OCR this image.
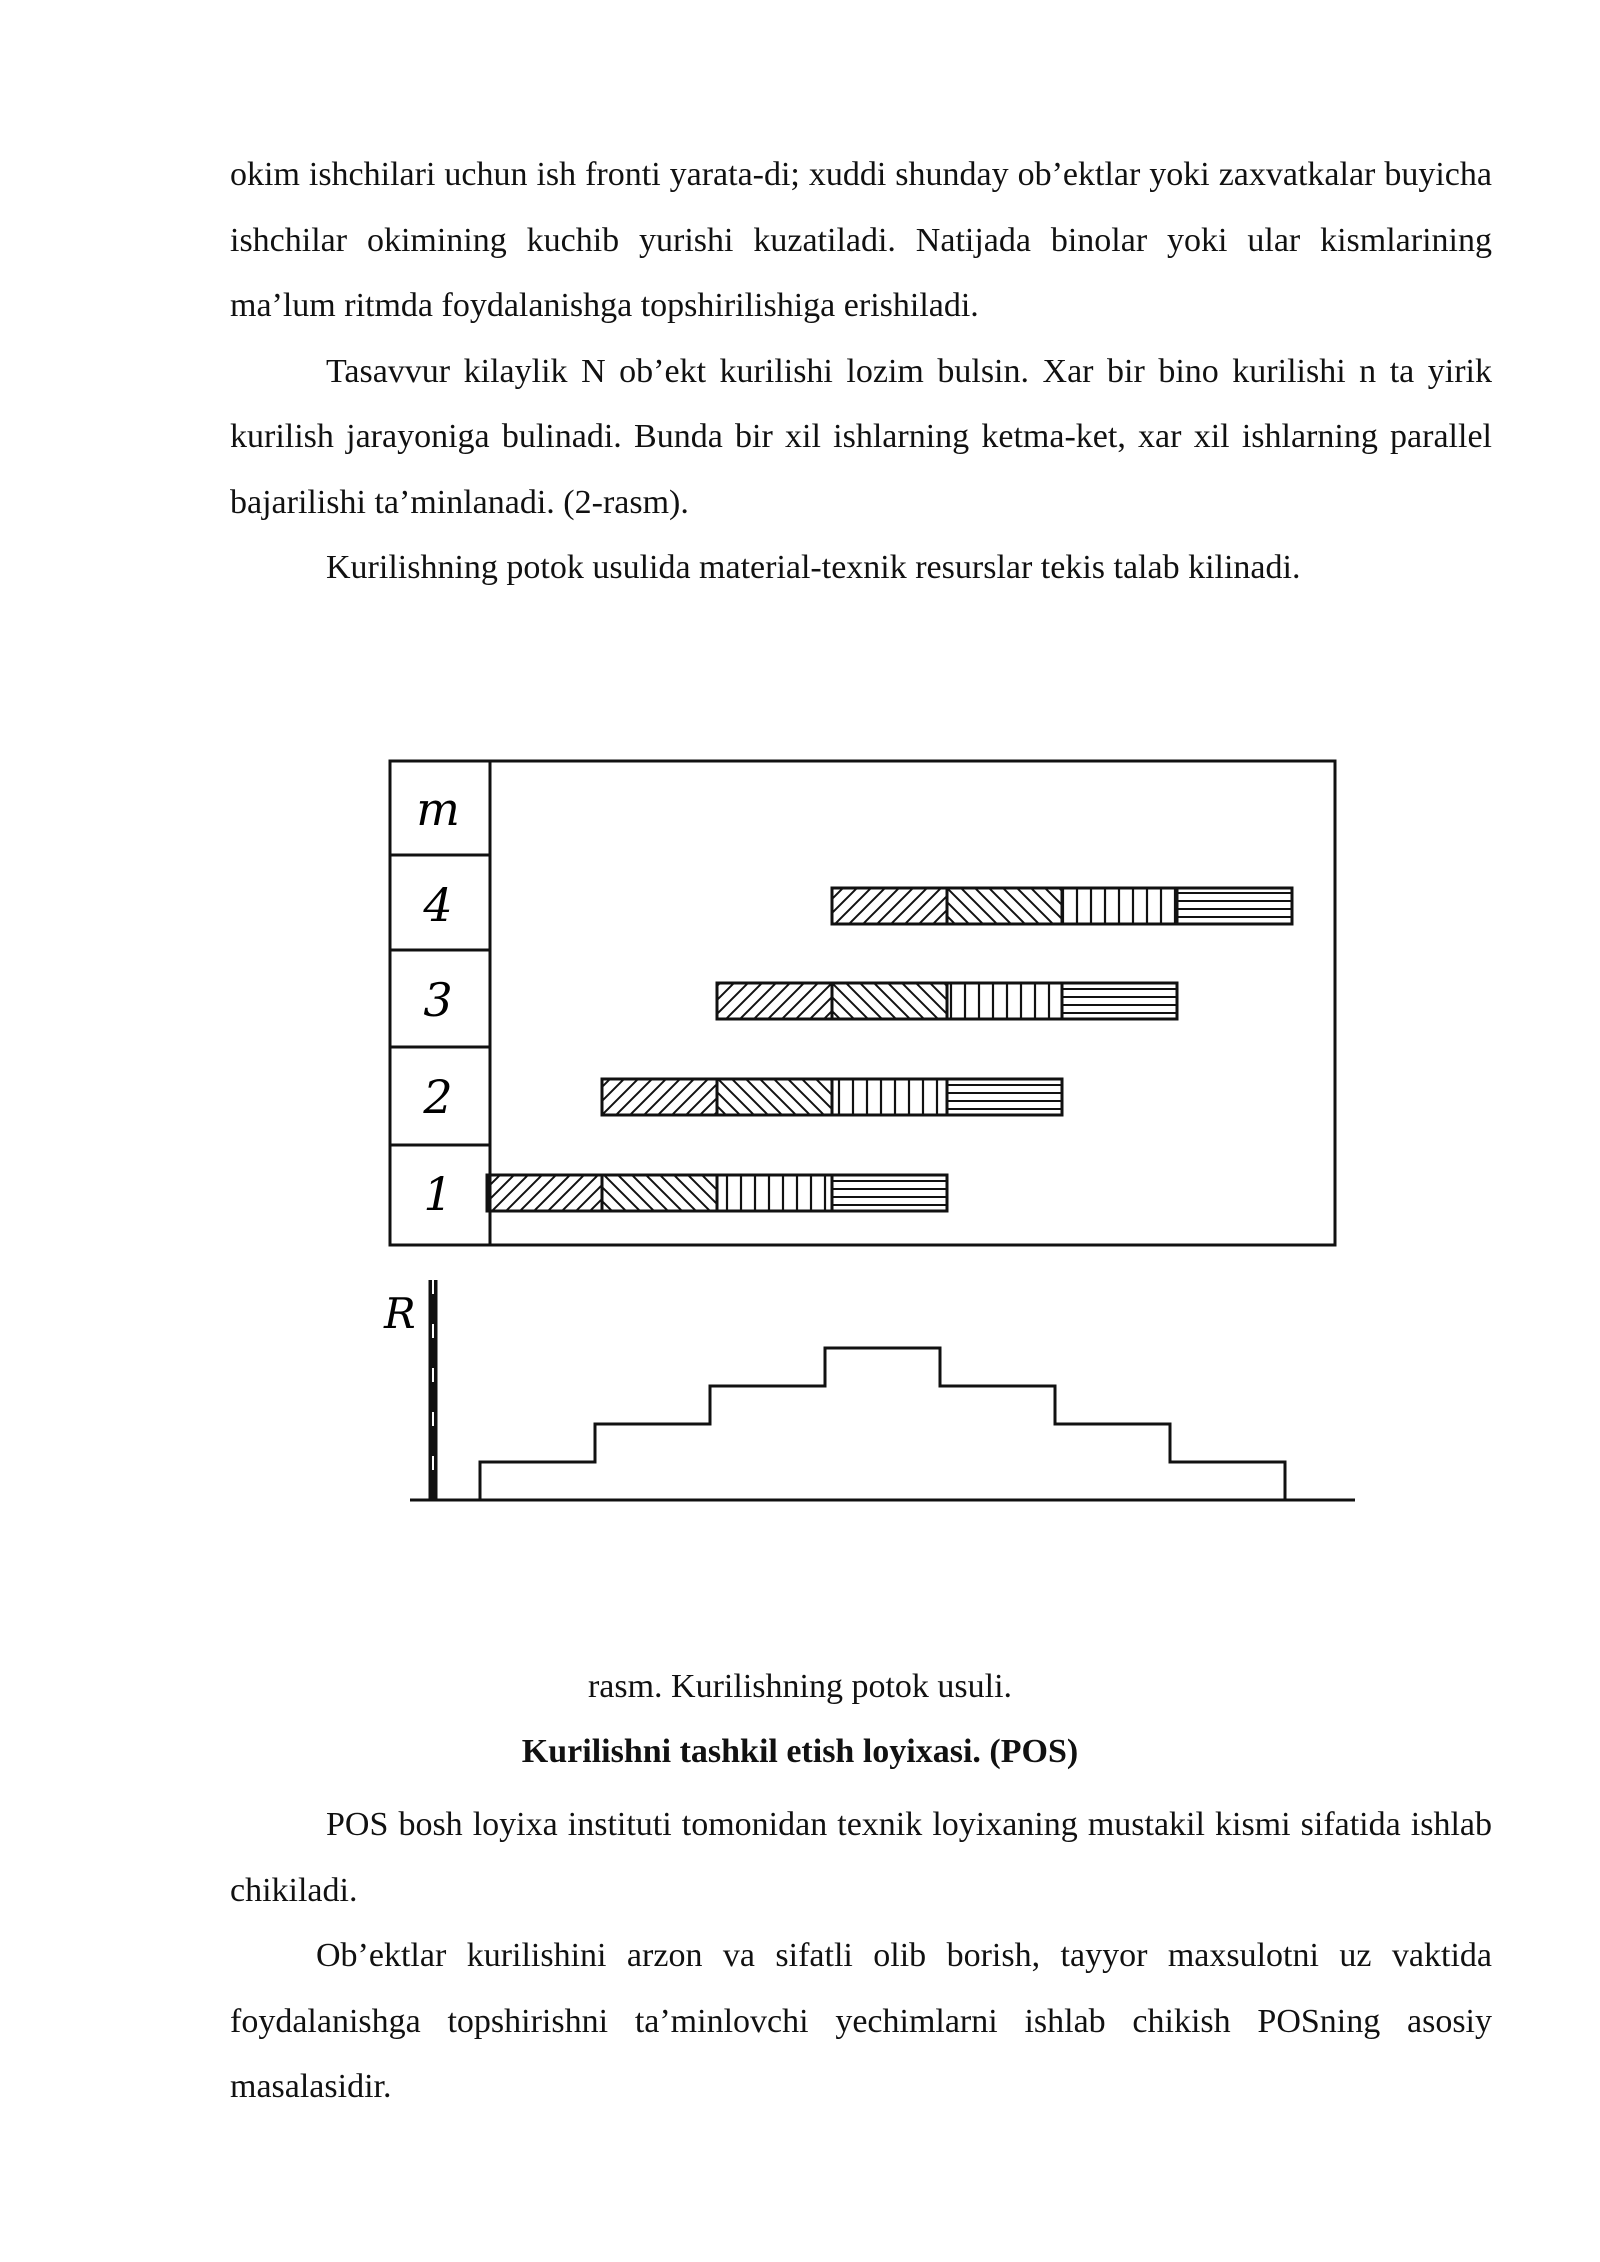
okim ishchilari uchun ish fronti yarata-di; xuddi shunday ob’ektlar yoki zaxvatkalar buyicha ishchilar okimining kuchib yurishi kuzatiladi. Natijada binolar yoki ular kismlarining ma’lum ritmda foydalanishga topshirilishiga erishiladi.

Tasavvur kilaylik N ob’ekt kurilishi lozim bulsin. Xar bir bino kurilishi n ta yirik kurilish jarayoniga bulinadi. Bunda bir xil ishlarning ketma-ket, xar xil ishlarning parallel bajarilishi ta’minlanadi. (2-rasm).

Kurilishning potok usulida material-texnik resurslar tekis talab kilinadi.

m
4
3
2
1
R
rasm. Kurilishning potok usuli.
Kurilishni tashkil etish loyixasi. (POS)

POS bosh loyixa instituti tomonidan texnik loyixaning mustakil kismi sifatida ishlab chikiladi.

Ob’ektlar kurilishini arzon va sifatli olib borish, tayyor maxsulotni uz vaktida foydalanishga topshirishni ta’minlovchi yechimlarni ishlab chikish POSning asosiy masalasidir.
